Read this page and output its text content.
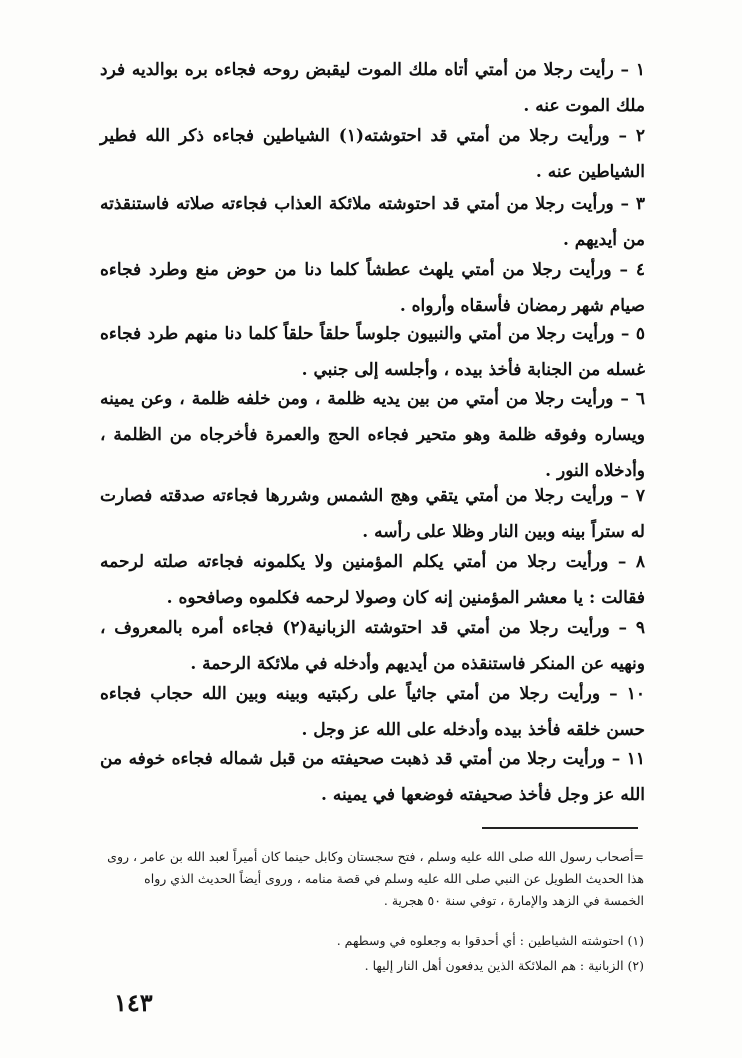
١ – رأيت رجلا من أمتي أتاه ملك الموت ليقبض روحه فجاءه بره بوالديه فرد ملك الموت عنه .
٢ – ورأيت رجلا من أمتي قد احتوشته(١) الشياطين فجاءه ذكر الله فطير الشياطين عنه .
٣ – ورأيت رجلا من أمتي قد احتوشته ملائكة العذاب فجاءته صلاته فاستنقذته من أيديهم .
٤ – ورأيت رجلا من أمتي يلهث عطشاً كلما دنا من حوض منع وطرد فجاءه صيام شهر رمضان فأسقاه وأرواه .
٥ – ورأيت رجلا من أمتي والنبيون جلوساً حلقاً حلقاً كلما دنا منهم طرد فجاءه غسله من الجنابة فأخذ بيده ، وأجلسه إلى جنبي .
٦ – ورأيت رجلا من أمتي من بين يديه ظلمة ، ومن خلفه ظلمة ، وعن يمينه ويساره وفوقه ظلمة وهو متحير فجاءه الحج والعمرة فأخرجاه من الظلمة ، وأدخلاه النور .
٧ – ورأيت رجلا من أمتي يتقي وهج الشمس وشررها فجاءته صدقته فصارت له ستراً بينه وبين النار وظلا على رأسه .
٨ – ورأيت رجلا من أمتي يكلم المؤمنين ولا يكلمونه فجاءته صلته لرحمه فقالت : يا معشر المؤمنين إنه كان وصولا لرحمه فكلموه وصافحوه .
٩ – ورأيت رجلا من أمتي قد احتوشته الزبانية(٢) فجاءه أمره بالمعروف ، ونهيه عن المنكر فاستنقذه من أيديهم وأدخله في ملائكة الرحمة .
١٠ – ورأيت رجلا من أمتي جاثياً على ركبتيه وبينه وبين الله حجاب فجاءه حسن خلقه فأخذ بيده وأدخله على الله عز وجل .
١١ – ورأيت رجلا من أمتي قد ذهبت صحيفته من قبل شماله فجاءه خوفه من الله عز وجل فأخذ صحيفته فوضعها في يمينه .
=أصحاب رسول الله صلى الله عليه وسلم ، فتح سجستان وكابل حينما كان أميراً لعبد الله بن عامر ، روى هذا الحديث الطويل عن النبي صلى الله عليه وسلم في قصة منامه ، وروى أيضاً الحديث الذي رواه الخمسة في الزهد والإمارة ، توفي سنة ٥٠ هجرية .
(١) احتوشته الشياطين : أي أحدقوا به وجعلوه في وسطهم .
(٢) الزبانية : هم الملائكة الذين يدفعون أهل النار إليها .
١٤٣
